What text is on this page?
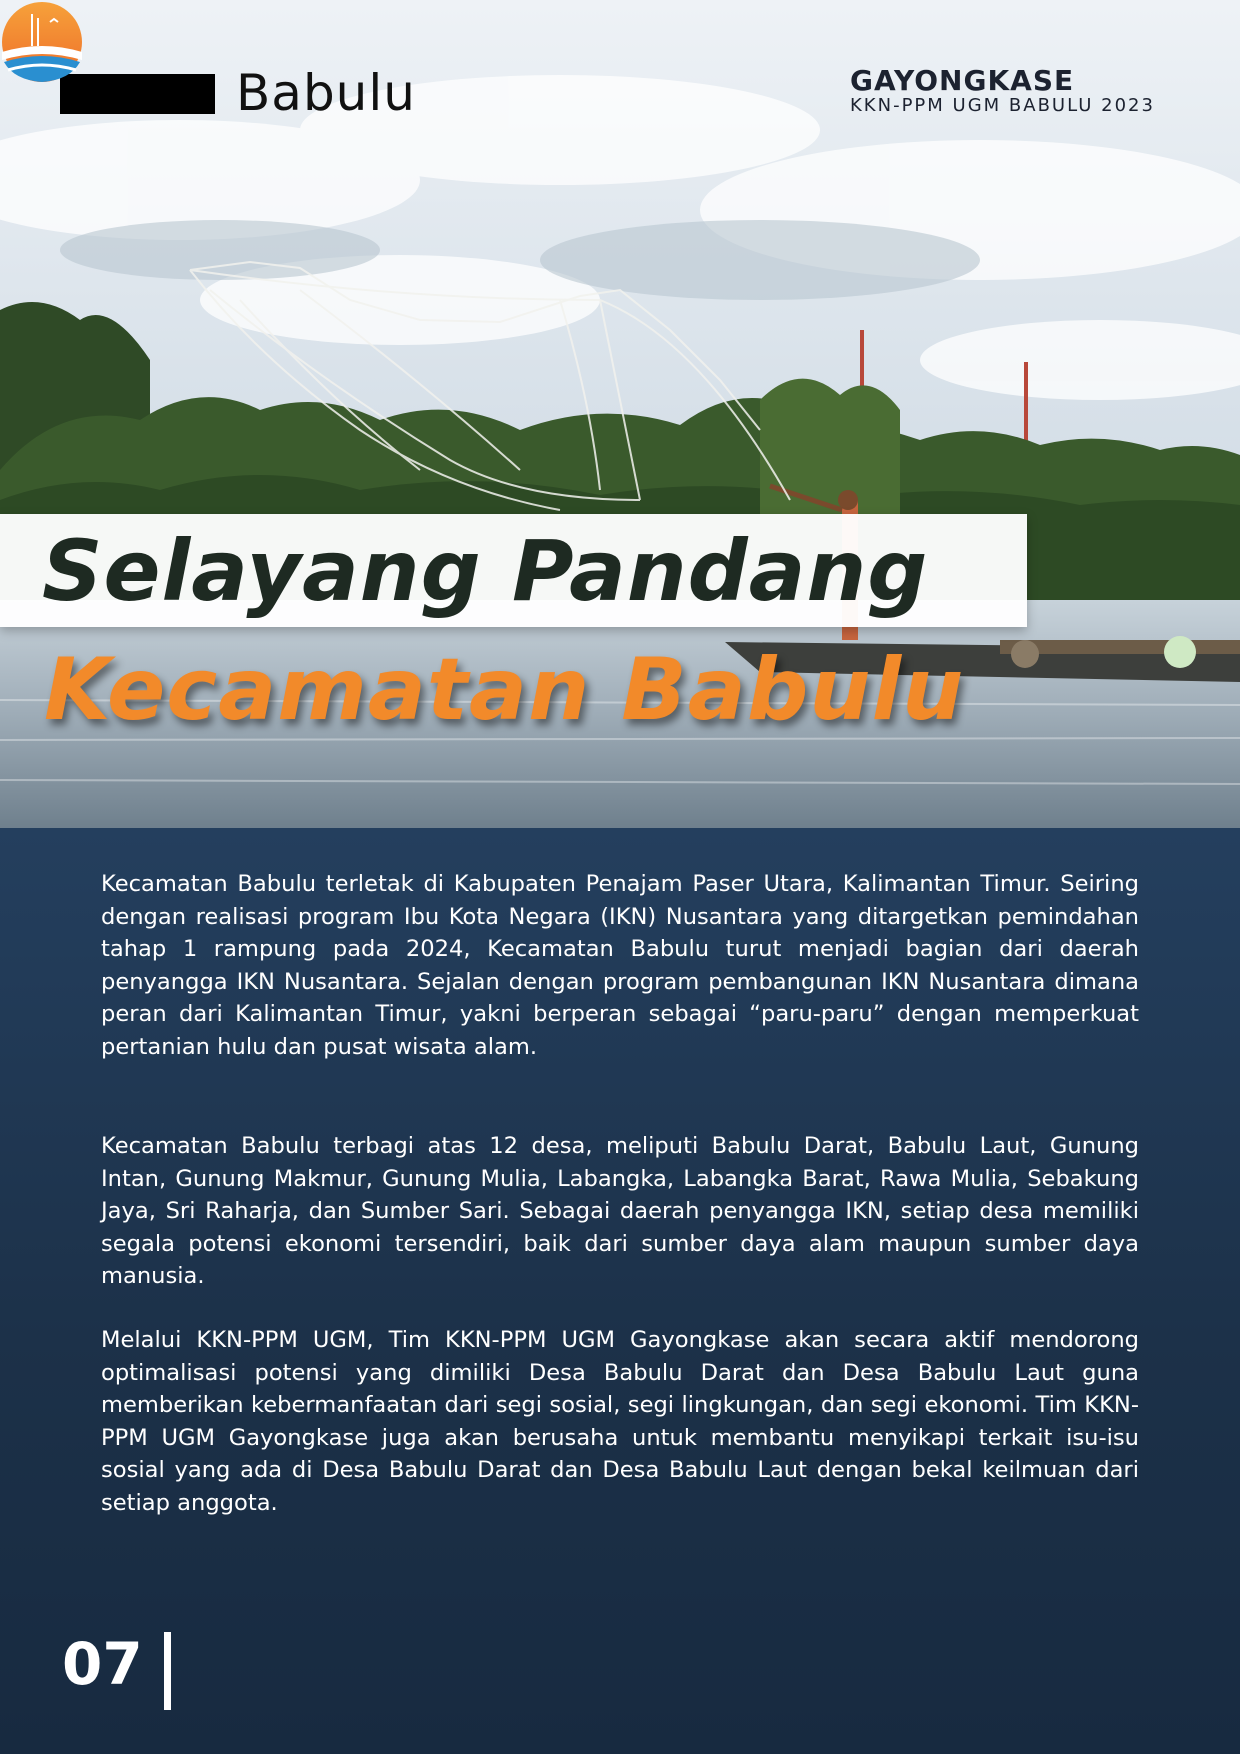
Babulu	GAYONGKASE
KKN-PPM UGM BABULU 2023
Selayang Pandang
Kecamatan Babulu

Kecamatan Babulu terletak di Kabupaten Penajam Paser Utara, Kalimantan Timur. Seiring dengan realisasi program Ibu Kota Negara (IKN) Nusantara yang ditargetkan pemindahan tahap 1 rampung pada 2024, Kecamatan Babulu turut menjadi bagian dari daerah penyangga IKN Nusantara. Sejalan dengan program pembangunan IKN Nusantara dimana peran dari Kalimantan Timur, yakni berperan sebagai “paru-paru” dengan memperkuat pertanian hulu dan pusat wisata alam.

Kecamatan Babulu terbagi atas 12 desa, meliputi Babulu Darat, Babulu Laut, Gunung Intan, Gunung Makmur, Gunung Mulia, Labangka, Labangka Barat, Rawa Mulia, Sebakung Jaya, Sri Raharja, dan Sumber Sari. Sebagai daerah penyangga IKN, setiap desa memiliki segala potensi ekonomi tersendiri, baik dari sumber daya alam maupun sumber daya manusia.

Melalui KKN-PPM UGM, Tim KKN-PPM UGM Gayongkase akan secara aktif mendorong optimalisasi potensi yang dimiliki Desa Babulu Darat dan Desa Babulu Laut guna memberikan kebermanfaatan dari segi sosial, segi lingkungan, dan segi ekonomi. Tim KKN-PPM UGM Gayongkase juga akan berusaha untuk membantu menyikapi terkait isu-isu sosial yang ada di Desa Babulu Darat dan Desa Babulu Laut dengan bekal keilmuan dari setiap anggota.

07
